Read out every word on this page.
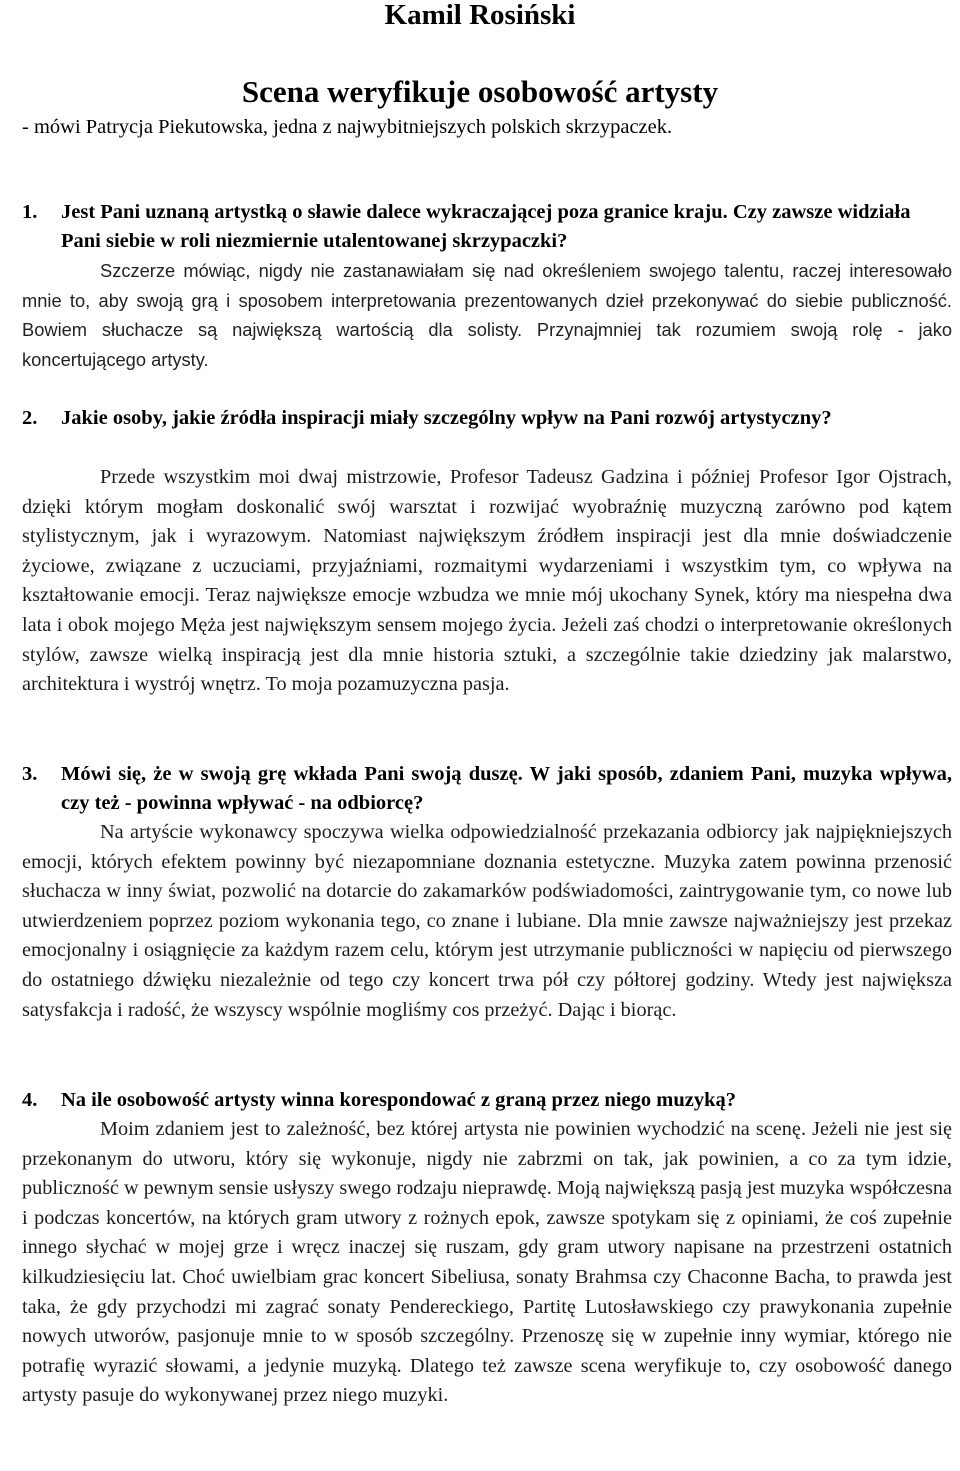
Kamil Rosiński
Scena weryfikuje osobowość artysty
- mówi Patrycja Piekutowska, jedna z najwybitniejszych polskich skrzypaczek.
1. Jest Pani uznaną artystką o sławie dalece wykraczającej poza granice kraju. Czy zawsze widziała Pani siebie w roli niezmiernie utalentowanej skrzypaczki?
Szczerze mówiąc, nigdy nie zastanawiałam się nad określeniem swojego talentu, raczej interesowało mnie to, aby swoją grą i sposobem interpretowania prezentowanych dzieł przekonywać do siebie publiczność. Bowiem słuchacze są największą wartością dla solisty. Przynajmniej tak rozumiem swoją rolę - jako koncertującego artysty.
2. Jakie osoby, jakie źródła inspiracji miały szczególny wpływ na Pani rozwój artystyczny?
Przede wszystkim moi dwaj mistrzowie, Profesor Tadeusz Gadzina i później Profesor Igor Ojstrach, dzięki którym mogłam doskonalić swój warsztat i rozwijać wyobraźnię muzyczną zarówno pod kątem stylistycznym, jak i wyrazowym. Natomiast największym źródłem inspiracji jest dla mnie doświadczenie życiowe, związane z uczuciami, przyjaźniami, rozmaitymi wydarzeniami i wszystkim tym, co wpływa na kształtowanie emocji. Teraz największe emocje wzbudza we mnie mój ukochany Synek, który ma niespełna dwa lata i obok mojego Męża jest największym sensem mojego życia. Jeżeli zaś chodzi o interpretowanie określonych stylów, zawsze wielką inspiracją jest dla mnie historia sztuki, a szczególnie takie dziedziny jak malarstwo, architektura i wystrój wnętrz. To moja pozamuzyczna pasja.
3. Mówi się, że w swoją grę wkłada Pani swoją duszę. W jaki sposób, zdaniem Pani, muzyka wpływa, czy też - powinna wpływać - na odbiorcę?
Na artyście wykonawcy spoczywa wielka odpowiedzialność przekazania odbiorcy jak najpiękniejszych emocji, których efektem powinny być niezapomniane doznania estetyczne. Muzyka zatem powinna przenosić słuchacza w inny świat, pozwolić na dotarcie do zakamarków podświadomości, zaintrygowanie tym, co nowe lub utwierdzeniem poprzez poziom wykonania tego, co znane i lubiane. Dla mnie zawsze najważniejszy jest przekaz emocjonalny i osiągnięcie za każdym razem celu, którym jest utrzymanie publiczności w napięciu od pierwszego do ostatniego dźwięku niezależnie od tego czy koncert trwa pół czy półtorej godziny. Wtedy jest największa satysfakcja i radość, że wszyscy wspólnie mogliśmy cos przeżyć. Dając i biorąc.
4. Na ile osobowość artysty winna korespondować z graną przez niego muzyką?
Moim zdaniem jest to zależność, bez której artysta nie powinien wychodzić na scenę. Jeżeli nie jest się przekonanym do utworu, który się wykonuje, nigdy nie zabrzmi on tak, jak powinien, a co za tym idzie, publiczność w pewnym sensie usłyszy swego rodzaju nieprawdę. Moją największą pasją jest muzyka współczesna i podczas koncertów, na których gram utwory z rożnych epok, zawsze spotykam się z opiniami, że coś zupełnie innego słychać w mojej grze i wręcz inaczej się ruszam, gdy gram utwory napisane na przestrzeni ostatnich kilkudziesięciu lat. Choć uwielbiam grac koncert Sibeliusa, sonaty Brahmsa czy Chaconne Bacha, to prawda jest taka, że gdy przychodzi mi zagrać sonaty Pendereckiego, Partitę Lutosławskiego czy prawykonania zupełnie nowych utworów, pasjonuje mnie to w sposób szczególny. Przenoszę się w zupełnie inny wymiar, którego nie potrafię wyrazić słowami, a jedynie muzyką. Dlatego też zawsze scena weryfikuje to, czy osobowość danego artysty pasuje do wykonywanej przez niego muzyki.
